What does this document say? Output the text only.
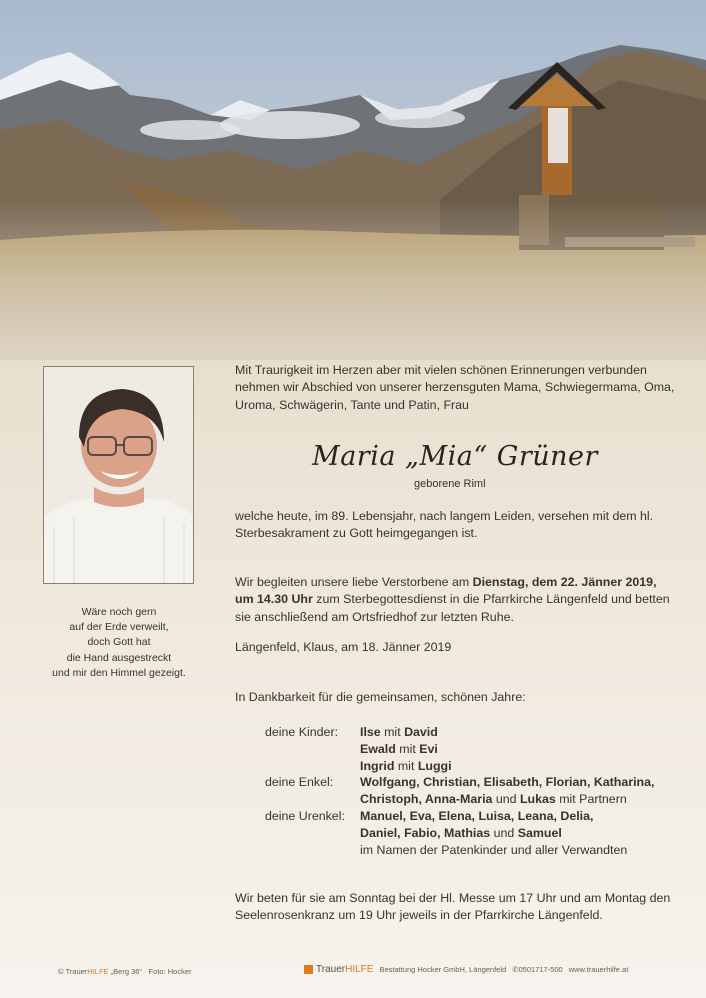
Wäre noch gern
auf der Erde verweilt,
doch Gott hat
die Hand ausgestreckt
und mir den Himmel gezeigt.
Mit Traurigkeit im Herzen aber mit vielen schönen Erinnerungen verbunden
nehmen wir Abschied von unserer herzensguten Mama, Schwiegermama, Oma,
Uroma, Schwägerin, Tante und Patin, Frau
Maria „Mia“ Grüner
geborene Riml
welche heute, im 89. Lebensjahr, nach langem Leiden, versehen mit dem hl.
Sterbesakrament zu Gott heimgegangen ist.
Wir begleiten unsere liebe Verstorbene am Dienstag, dem 22. Jänner 2019,
um 14.30 Uhr zum Sterbegottesdienst in die Pfarrkirche Längenfeld und betten
sie anschließend am Ortsfriedhof zur letzten Ruhe.
Längenfeld, Klaus, am 18. Jänner 2019
In Dankbarkeit für die gemeinsamen, schönen Jahre:
deine Kinder: Ilse mit David
Ewald mit Evi
Ingrid mit Luggi
deine Enkel: Wolfgang, Christian, Elisabeth, Florian, Katharina,
Christoph, Anna-Maria und Lukas mit Partnern
deine Urenkel: Manuel, Eva, Elena, Luisa, Leana, Delia,
Daniel, Fabio, Mathias und Samuel
im Namen der Patenkinder und aller Verwandten
Wir beten für sie am Sonntag bei der Hl. Messe um 17 Uhr und am Montag den
Seelenrosenkranz um 19 Uhr jeweils in der Pfarrkirche Längenfeld.
© TrauerHILFE „Berg 36“ · Foto: Hocker	Trauer HILFE Bestattung Hocker GmbH, Längenfeld ✆ 0501717-500 www.trauerhilfe.at
